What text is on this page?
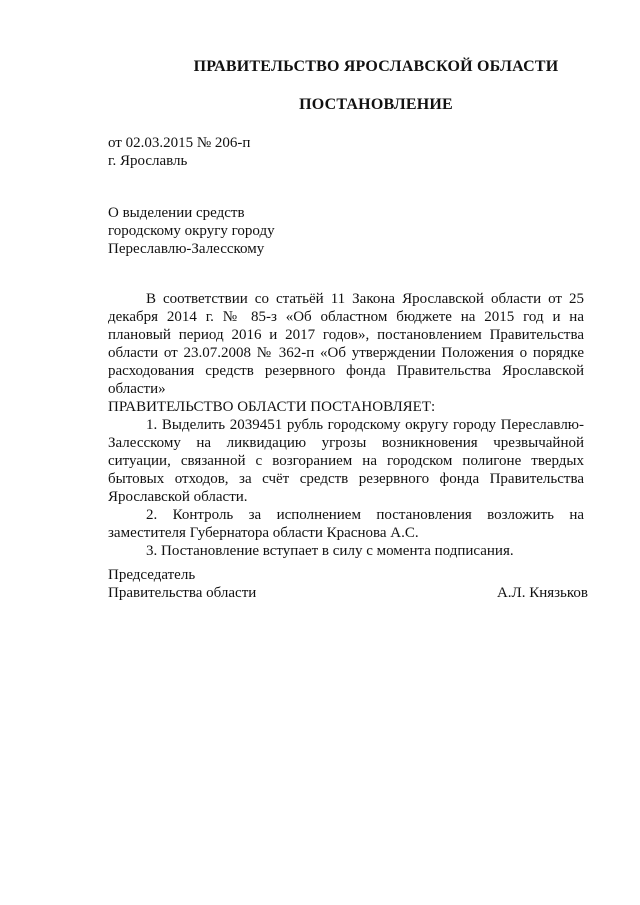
ПРАВИТЕЛЬСТВО ЯРОСЛАВСКОЙ ОБЛАСТИ
ПОСТАНОВЛЕНИЕ
от 02.03.2015 № 206-п
г. Ярославль
О выделении средств
городскому округу городу
Переславлю-Залесскому

В соответствии со статьёй 11 Закона Ярославской области от 25 декабря 2014 г. № 85-з «Об областном бюджете на 2015 год и на плановый период 2016 и 2017 годов», постановлением Правительства области от 23.07.2008 № 362-п «Об утверждении Положения о порядке расходования средств резервного фонда Правительства Ярославской области»

ПРАВИТЕЛЬСТВО ОБЛАСТИ ПОСТАНОВЛЯЕТ:

1. Выделить 2039451 рубль городскому округу городу Переславлю-Залесскому на ликвидацию угрозы возникновения чрезвычайной ситуации, связанной с возгоранием на городском полигоне твердых бытовых отходов, за счёт средств резервного фонда Правительства Ярославской области.

2. Контроль за исполнением постановления возложить на заместителя Губернатора области Краснова А.С.

3. Постановление вступает в силу с момента подписания.

Председатель
Правительства области	А.Л. Князьков
